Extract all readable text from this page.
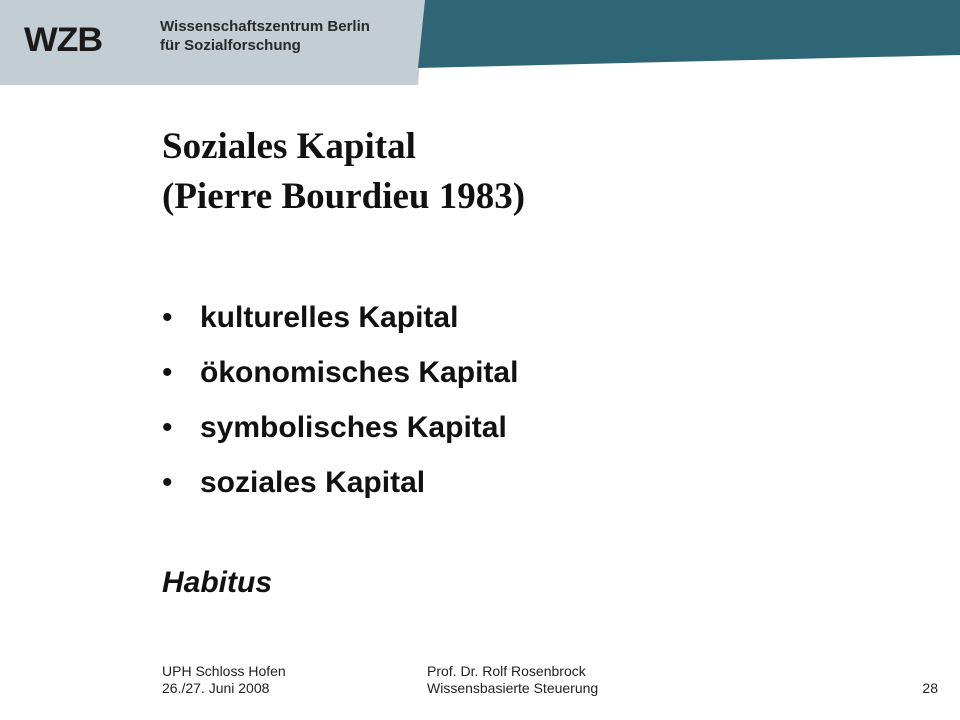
WZB	Wissenschaftszentrum Berlin
für Sozialforschung
Soziales Kapital
(Pierre Bourdieu 1983)
• kulturelles Kapital
• ökonomisches Kapital
• symbolisches Kapital
• soziales Kapital
Habitus
UPH Schloss Hofen
26./27. Juni 2008
Prof. Dr. Rolf Rosenbrock
Wissensbasierte Steuerung	28
